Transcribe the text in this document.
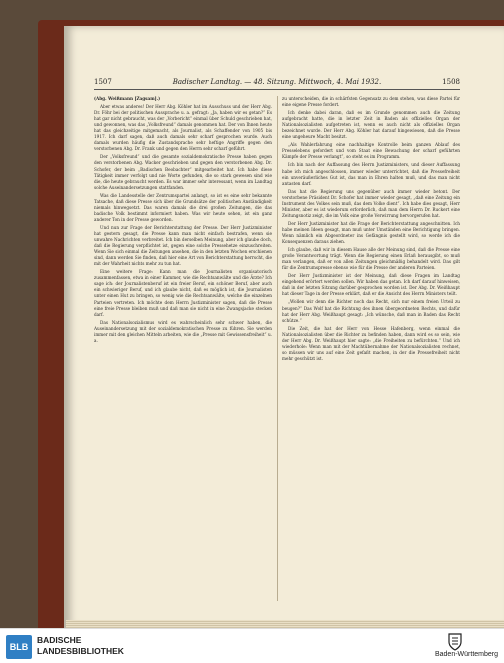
1507	Badischer Landtag. — 48. Sitzung. Mittwoch, 4. Mai 1932.	1508

(Abg. Weißmann [Zagsam].)

Aber etwas anderes! Der Herr Abg. Köhler hat im Ausschuss und der Herr Abg. Dr. Föhr bei der politischen Aussprache u. a. gefragt: „Ja, haben wir es getan?“ Es hat gar nicht gebraucht, was der „Vorbericht“ einmal über Schuld geschrieben hat, und gewonnen, was das „Volksfreund“ damals genommen hat. Der von Ihnen heute hat das gleichzeitige mitgemacht, als Journalist, als Schaffender von 1905 bis 1917. Ich darf sagen, daß auch damals sehr scharf gesprochen wurde. Auch damals wurden häufig die Zustandsprache sehr heftige Angriffe gegen den verstorbenen Abg. Dr. Frank und gegen den Herrn sehr scharf geführt.

Der „Volksfreund“ und die gesamte sozialdemokratische Presse haben gegen den verstorbenen Abg. Wacker geschrieben und gegen den verstorbenen Abg. Dr. Schofer, der beim „Badischen Beobachter“ mitgearbeitet hat. Ich habe diese Tätigkeit immer verfolgt und nie Worte gefunden, die so stark gewesen sind wie die, die heute gebraucht werden. Es war immer sehr interessant, wenn im Landtag solche Auseinandersetzungen stattfanden.

Was die Landesstelle der Zentrumspartei anlangt, so ist es eine sehr bekannte Tatsache, daß diese Presse sich über die Grundsätze der politischen Anständigkeit niemals hinwegsetzt. Das waren damals die drei großen Zeitungen, die das badische Volk bestimmt informiert haben. Was wir heute sehen, ist ein ganz anderer Ton in der Presse geworden.

Und nun zur Frage der Berichterstattung der Presse. Der Herr Justizminister hat gestern gesagt, die Presse kann man nicht einfach bestrafen, wenn sie unwahre Nachrichten verbreitet. Ich bin derselben Meinung, aber ich glaube doch, daß die Regierung verpflichtet ist, gegen eine solche Pressehetze einzuschreiten. Wenn Sie sich einmal die Zeitungen ansehen, die in den letzten Wochen erschienen sind, dann werden Sie finden, daß hier eine Art von Berichterstattung herrscht, die mit der Wahrheit nichts mehr zu tun hat.

Eine weitere Frage: Kann man die Journalisten organisatorisch zusammenfassen, etwa in einer Kammer, wie die Rechtsanwälte und die Ärzte? Ich sage ich: der Journalistenberuf ist ein freier Beruf, ein schöner Beruf, aber auch ein schwieriger Beruf, und ich glaube nicht, daß es möglich ist, die Journalisten unter einen Hut zu bringen, so wenig wie die Rechtsanwälte, welche die einzelnen Parteien vertreten. Ich möchte dem Herrn Justizminister sagen, daß die Presse eine freie Presse bleiben muß und daß man sie nicht in eine Zwangsjacke stecken darf.

Das Nationalsozialismus wird es wahrscheinlich sehr schwer haben, die Auseinandersetzung mit der sozialdemokratischen Presse zu führen. Sie werden immer mit den gleichen Mitteln arbeiten, wie die „Presse mit Gewissensfreiheit“ u. a.

zu unterscheiden, die in schärfsten Gegensatz zu dem stehen, was diese Partei für eine eigene Presse fordert.

Ich denke dabei daran, daß es im Grunde genommen auch die Zeitung aufgebracht hatte, die in letzter Zeit in Baden als offizielles Organ der Nationalsozialisten aufgetreten ist, wenn es auch nicht als offizielles Organ bezeichnet wurde. Der Herr Abg. Köhler hat darauf hingewiesen, daß die Presse eine ungeheure Macht besitzt.

„Als Wahlerfahrung eine nachhaltige Kontrolle beim ganzen Ablauf des Presselebens gefordert und vom Staat eine Bewachung der scharf geführten Kämpfe der Presse verlangt“, so steht es im Programm.

Ich bin nach der Auffassung des Herrn Justizministers, und dieser Auffassung habe ich mich angeschlossen, immer wieder unterrichtet, daß die Pressefreiheit ein unveräußerliches Gut ist, das man in Ehren halten muß, und das man nicht antasten darf.

Das hat die Regierung uns gegenüber auch immer wieder betont. Der verstorbene Präsident Dr. Schofer hat immer wieder gesagt, „daß eine Zeitung ein Instrument des Volkes sein muß, das dem Volke dient“. Ich habe dies gesagt, Herr Minister, aber es ist wiederum erforderlich, daß man dem Herrn Dr. Ruckert eine Zeitungsnotiz zeigt, die im Volk eine große Verwirrung hervorgerufen hat.

Der Herr Justizminister hat die Frage der Berichterstattung angeschnitten. Ich habe meinen Ideen gesagt, man muß unter Umständen eine Berichtigung bringen. Wenn nämlich ein Abgeordneter ins Gefängnis gestellt wird, so werde ich die Konsequenzen daraus ziehen.

Ich glaube, daß wir in diesem Hause alle der Meinung sind, daß die Presse eine große Verantwortung trägt. Wenn die Regierung einen Erlaß herausgibt, so muß man verlangen, daß er von allen Zeitungen gleichmäßig behandelt wird. Das gilt für die Zentrumspresse ebenso wie für die Presse der anderen Parteien.

Der Herr Justizminister ist der Meinung, daß diese Fragen im Landtag eingehend erörtert werden sollen. Wir haben das getan. Ich darf darauf hinweisen, daß in der letzten Sitzung darüber gesprochen worden ist. Der Abg. Dr. Weißhaupt hat dieser Tage in der Presse erklärt, daß er die Ansicht des Herrn Ministers teilt.

„Wollen wir denn die Richter noch das Recht, sich nur einem freien Urteil zu beugen?“ Das Wolf hat die Richtung des ihnen übergeordneten Rechts, und dafür hat der Herr Abg. Weißhaupt gesagt: „Ich wünsche, daß man in Baden das Recht schütze.“

Die Zeit, die hat der Herr von Hesse Hafenberg, wenn einmal die Nationalsozialisten über die Richter zu befinden haben, dann wird es so sein, wie der Herr Abg. Dr. Weißhaupt hier sagte: „die Freiheiten zu befürchten.“ Und ich wiederhole: Wenn man mit der Machtübernahme der Nationalsozialisten rechnet, so müssen wir uns auf eine Zeit gefaßt machen, in der die Pressefreiheit nicht mehr geschützt ist.

BLB
BADISCHE
LANDESBIBLIOTHEK	Baden-Württemberg
